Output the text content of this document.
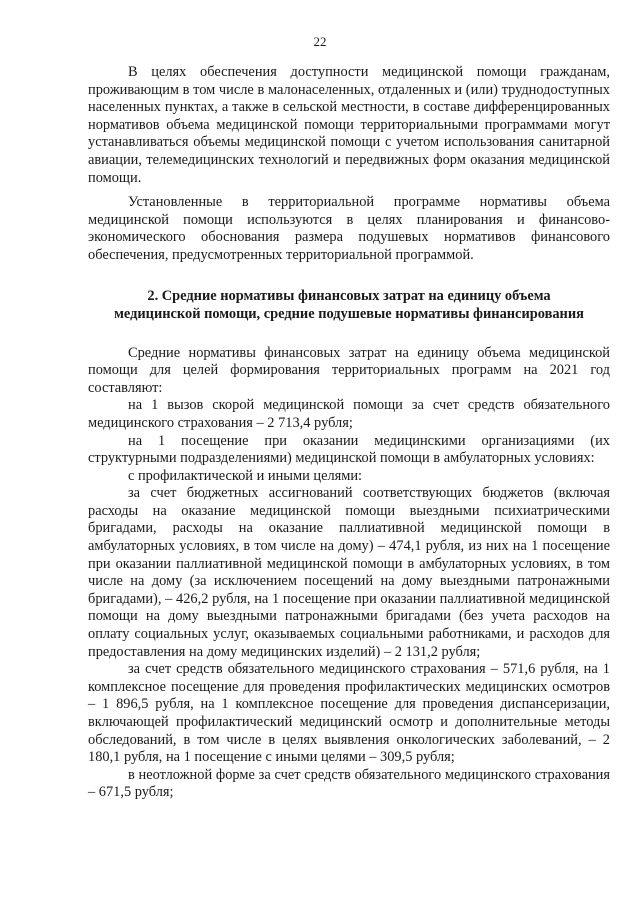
22

В целях обеспечения доступности медицинской помощи гражданам, проживающим в том числе в малонаселенных, отдаленных и (или) труднодоступных населенных пунктах, а также в сельской местности, в составе дифференцированных нормативов объема медицинской помощи территориальными программами могут устанавливаться объемы медицинской помощи с учетом использования санитарной авиации, телемедицинских технологий и передвижных форм оказания медицинской помощи.

Установленные в территориальной программе нормативы объема медицинской помощи используются в целях планирования и финансово-экономического обоснования размера подушевых нормативов финансового обеспечения, предусмотренных территориальной программой.

2. Средние нормативы финансовых затрат на единицу объема
медицинской помощи, средние подушевые нормативы финансирования

Средние нормативы финансовых затрат на единицу объема медицинской помощи для целей формирования территориальных программ на 2021 год составляют:

на 1 вызов скорой медицинской помощи за счет средств обязательного медицинского страхования – 2 713,4 рубля;

на 1 посещение при оказании медицинскими организациями (их структурными подразделениями) медицинской помощи в амбулаторных условиях:

с профилактической и иными целями:

за счет бюджетных ассигнований соответствующих бюджетов (включая расходы на оказание медицинской помощи выездными психиатрическими бригадами, расходы на оказание паллиативной медицинской помощи в амбулаторных условиях, в том числе на дому) – 474,1 рубля, из них на 1 посещение при оказании паллиативной медицинской помощи в амбулаторных условиях, в том числе на дому (за исключением посещений на дому выездными патронажными бригадами), – 426,2 рубля, на 1 посещение при оказании паллиативной медицинской помощи на дому выездными патронажными бригадами (без учета расходов на оплату социальных услуг, оказываемых социальными работниками, и расходов для предоставления на дому медицинских изделий) – 2 131,2 рубля;

за счет средств обязательного медицинского страхования – 571,6 рубля, на 1 комплексное посещение для проведения профилактических медицинских осмотров – 1 896,5 рубля, на 1 комплексное посещение для проведения диспансеризации, включающей профилактический медицинский осмотр и дополнительные методы обследований, в том числе в целях выявления онкологических заболеваний, – 2 180,1 рубля, на 1 посещение с иными целями – 309,5 рубля;

в неотложной форме за счет средств обязательного медицинского страхования – 671,5 рубля;
